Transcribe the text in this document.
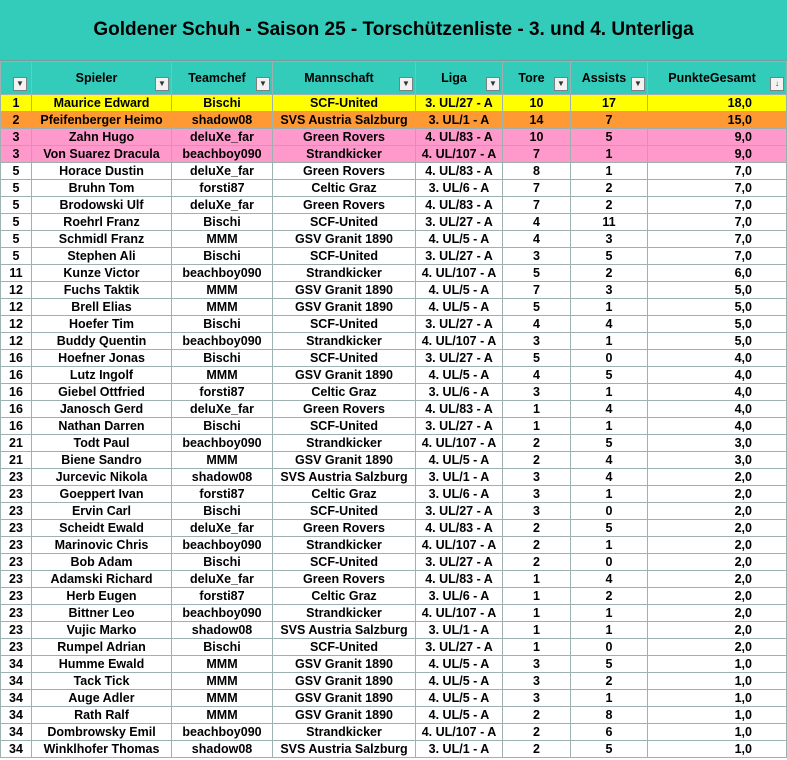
Goldener Schuh - Saison 25 - Torschützenliste - 3. und 4. Unterliga
▼	Spieler ▼	Teamchef ▼	Mannschaft ▼	Liga ▼	Tore ▼	Assists ▼	PunkteGesamt ↓

1	Maurice Edward	Bischi	SCF-United	3. UL/27 - A	10	17	18,0
2	Pfeifenberger Heimo	shadow08	SVS Austria Salzburg	3. UL/1 - A	14	7	15,0
3	Zahn Hugo	deluXe_far	Green Rovers	4. UL/83 - A	10	5	9,0
3	Von Suarez Dracula	beachboy090	Strandkicker	4. UL/107 - A	7	1	9,0
5	Horace Dustin	deluXe_far	Green Rovers	4. UL/83 - A	8	1	7,0
5	Bruhn Tom	forsti87	Celtic Graz	3. UL/6 - A	7	2	7,0
5	Brodowski Ulf	deluXe_far	Green Rovers	4. UL/83 - A	7	2	7,0
5	Roehrl Franz	Bischi	SCF-United	3. UL/27 - A	4	11	7,0
5	Schmidl Franz	MMM	GSV Granit 1890	4. UL/5 - A	4	3	7,0
5	Stephen Ali	Bischi	SCF-United	3. UL/27 - A	3	5	7,0
11	Kunze Victor	beachboy090	Strandkicker	4. UL/107 - A	5	2	6,0
12	Fuchs Taktik	MMM	GSV Granit 1890	4. UL/5 - A	7	3	5,0
12	Brell Elias	MMM	GSV Granit 1890	4. UL/5 - A	5	1	5,0
12	Hoefer Tim	Bischi	SCF-United	3. UL/27 - A	4	4	5,0
12	Buddy Quentin	beachboy090	Strandkicker	4. UL/107 - A	3	1	5,0
16	Hoefner Jonas	Bischi	SCF-United	3. UL/27 - A	5	0	4,0
16	Lutz Ingolf	MMM	GSV Granit 1890	4. UL/5 - A	4	5	4,0
16	Giebel Ottfried	forsti87	Celtic Graz	3. UL/6 - A	3	1	4,0
16	Janosch Gerd	deluXe_far	Green Rovers	4. UL/83 - A	1	4	4,0
16	Nathan Darren	Bischi	SCF-United	3. UL/27 - A	1	1	4,0
21	Todt Paul	beachboy090	Strandkicker	4. UL/107 - A	2	5	3,0
21	Biene Sandro	MMM	GSV Granit 1890	4. UL/5 - A	2	4	3,0
23	Jurcevic Nikola	shadow08	SVS Austria Salzburg	3. UL/1 - A	3	4	2,0
23	Goeppert Ivan	forsti87	Celtic Graz	3. UL/6 - A	3	1	2,0
23	Ervin Carl	Bischi	SCF-United	3. UL/27 - A	3	0	2,0
23	Scheidt Ewald	deluXe_far	Green Rovers	4. UL/83 - A	2	5	2,0
23	Marinovic Chris	beachboy090	Strandkicker	4. UL/107 - A	2	1	2,0
23	Bob Adam	Bischi	SCF-United	3. UL/27 - A	2	0	2,0
23	Adamski Richard	deluXe_far	Green Rovers	4. UL/83 - A	1	4	2,0
23	Herb Eugen	forsti87	Celtic Graz	3. UL/6 - A	1	2	2,0
23	Bittner Leo	beachboy090	Strandkicker	4. UL/107 - A	1	1	2,0
23	Vujic Marko	shadow08	SVS Austria Salzburg	3. UL/1 - A	1	1	2,0
23	Rumpel Adrian	Bischi	SCF-United	3. UL/27 - A	1	0	2,0
34	Humme Ewald	MMM	GSV Granit 1890	4. UL/5 - A	3	5	1,0
34	Tack Tick	MMM	GSV Granit 1890	4. UL/5 - A	3	2	1,0
34	Auge Adler	MMM	GSV Granit 1890	4. UL/5 - A	3	1	1,0
34	Rath Ralf	MMM	GSV Granit 1890	4. UL/5 - A	2	8	1,0
34	Dombrowsky Emil	beachboy090	Strandkicker	4. UL/107 - A	2	6	1,0
34	Winklhofer Thomas	shadow08	SVS Austria Salzburg	3. UL/1 - A	2	5	1,0
